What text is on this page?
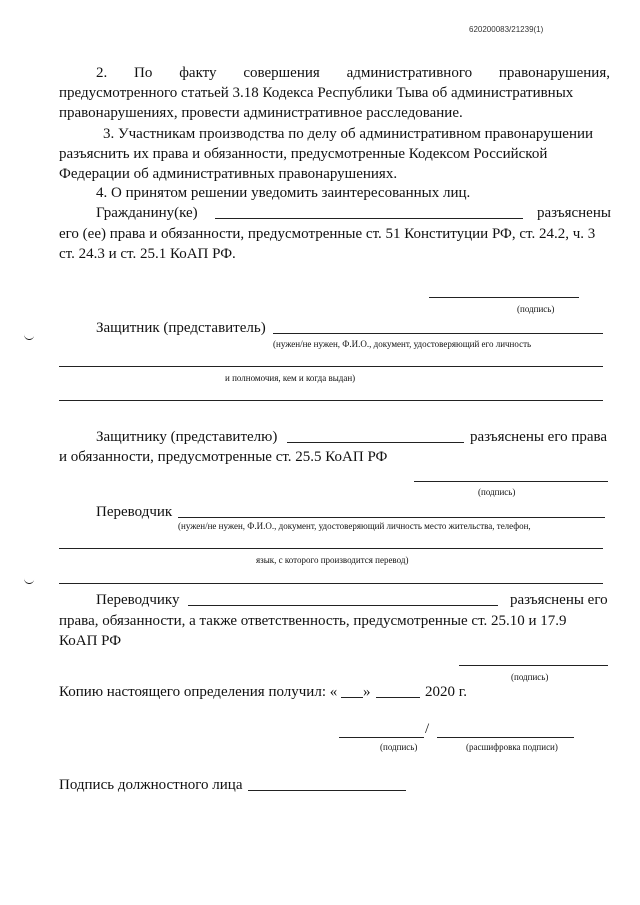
620200083/21239(1)
2. По факту совершения административного правонарушения,
предусмотренного статьей 3.18 Кодекса Республики Тыва об административных
правонарушениях, провести административное расследование.
3. Участникам производства по делу об административном правонарушении
разъяснить их права и обязанности, предусмотренные Кодексом Российской
Федерации об административных правонарушениях.
4. О принятом решении уведомить заинтересованных лиц.
Гражданину(ке)	разъяснены
его (ее) права и обязанности, предусмотренные ст. 51 Конституции РФ, ст. 24.2, ч. 3
ст. 24.3 и ст. 25.1 КоАП РФ.
(подпись)
Защитник (представитель)
(нужен/не нужен, Ф.И.О., документ, удостоверяющий его личность
и полномочия, кем и когда выдан)
Защитнику (представителю)	разъяснены его права
и обязанности, предусмотренные ст. 25.5 КоАП РФ
(подпись)
Переводчик
(нужен/не нужен, Ф.И.О., документ, удостоверяющий личность место жительства, телефон,
язык, с которого производится перевод)
Переводчику	разъяснены его
права, обязанности, а также ответственность, предусмотренные ст. 25.10 и 17.9
КоАП РФ
(подпись)
Копию настоящего определения получил: « »	2020 г.
/
(подпись)	(расшифровка подписи)
Подпись должностного лица
